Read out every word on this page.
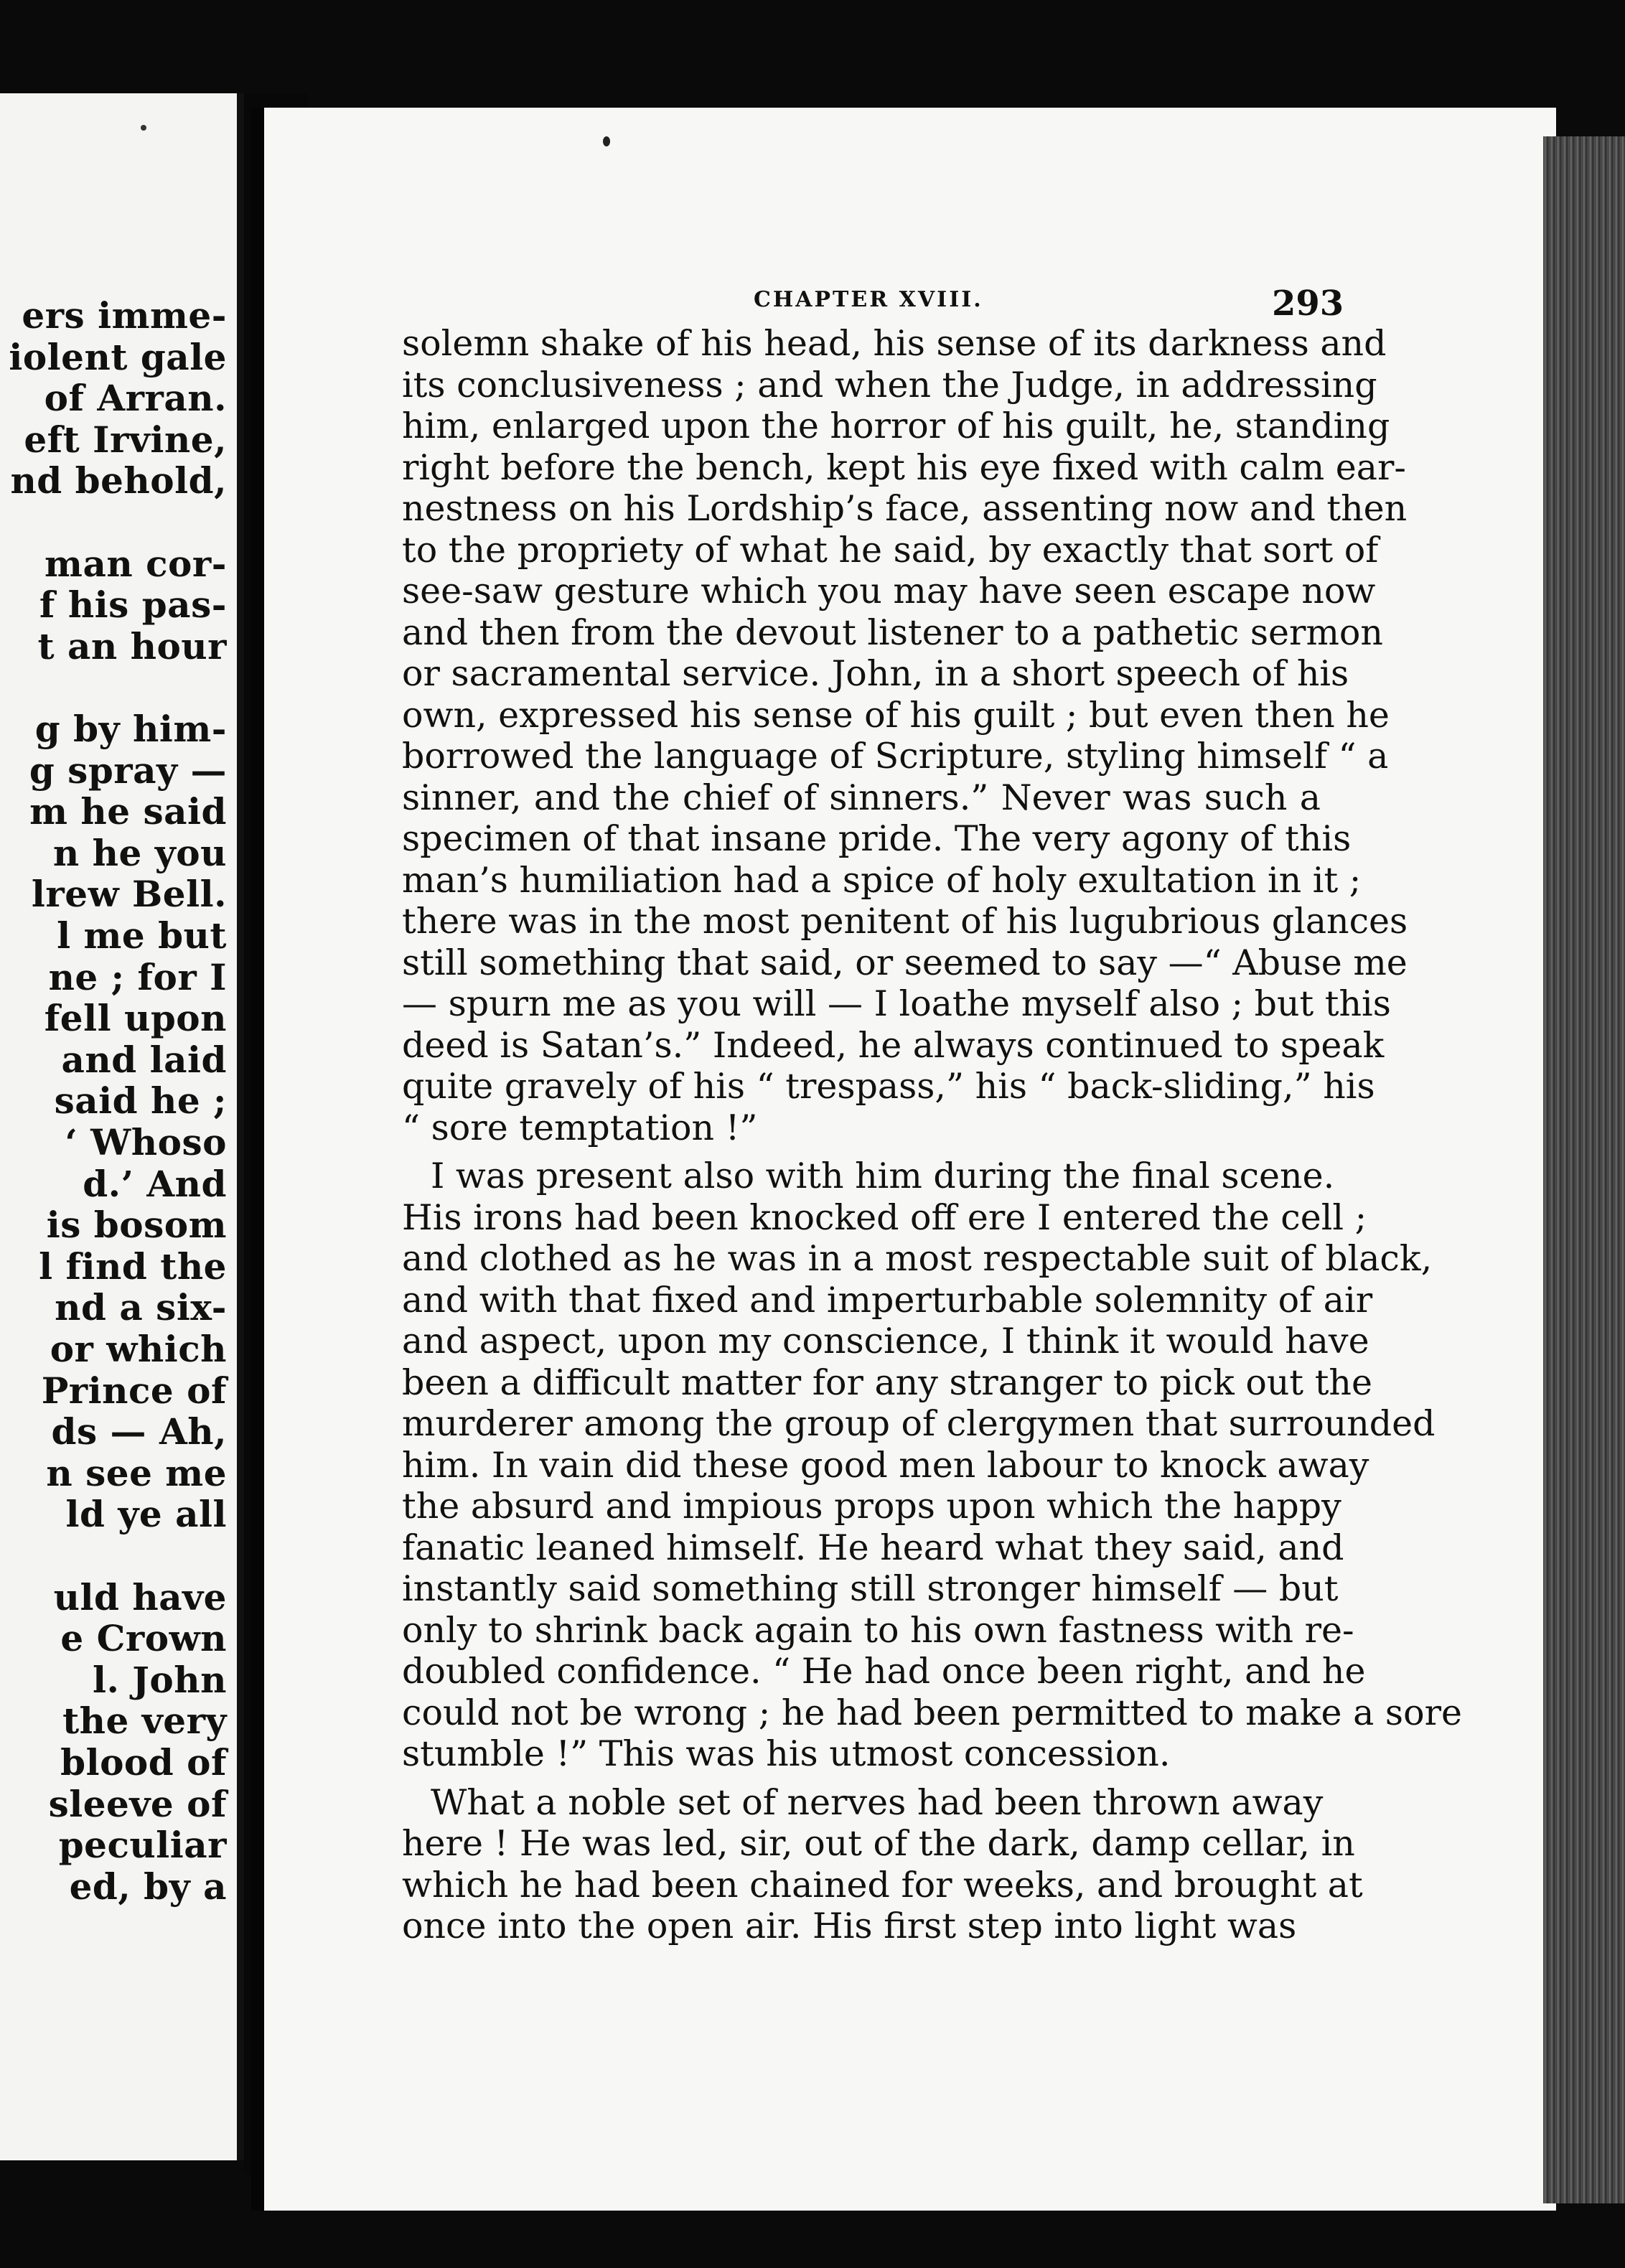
ers imme-
iolent gale
of Arran.
eft Irvine,
nd behold,
man cor-
f his pas-
t an hour
g by him-
g spray —
m he said
n he you
lrew Bell.
l me but
ne ; for I
fell upon
and laid
said he ;
‘ Whoso
d.’ And
is bosom
l find the
nd a six-
or which
Prince of
ds — Ah,
n see me
ld ye all
uld have
e Crown
l. John
the very
blood of
sleeve of
peculiar
ed, by a
CHAPTER XVIII.	293
solemn shake of his head, his sense of its darkness and
its conclusiveness ; and when the Judge, in addressing
him, enlarged upon the horror of his guilt, he, standing
right before the bench, kept his eye fixed with calm ear-
nestness on his Lordship’s face, assenting now and then
to the propriety of what he said, by exactly that sort of
see-saw gesture which you may have seen escape now
and then from the devout listener to a pathetic sermon
or sacramental service. John, in a short speech of his
own, expressed his sense of his guilt ; but even then he
borrowed the language of Scripture, styling himself “ a
sinner, and the chief of sinners.” Never was such a
specimen of that insane pride. The very agony of this
man’s humiliation had a spice of holy exultation in it ;
there was in the most penitent of his lugubrious glances
still something that said, or seemed to say —“ Abuse me
— spurn me as you will — I loathe myself also ; but this
deed is Satan’s.” Indeed, he always continued to speak
quite gravely of his “ trespass,” his “ back-sliding,” his
“ sore temptation !”
I was present also with him during the final scene.
His irons had been knocked off ere I entered the cell ;
and clothed as he was in a most respectable suit of black,
and with that fixed and imperturbable solemnity of air
and aspect, upon my conscience, I think it would have
been a difficult matter for any stranger to pick out the
murderer among the group of clergymen that surrounded
him. In vain did these good men labour to knock away
the absurd and impious props upon which the happy
fanatic leaned himself. He heard what they said, and
instantly said something still stronger himself — but
only to shrink back again to his own fastness with re-
doubled confidence. “ He had once been right, and he
could not be wrong ; he had been permitted to make a sore
stumble !” This was his utmost concession.
What a noble set of nerves had been thrown away
here ! He was led, sir, out of the dark, damp cellar, in
which he had been chained for weeks, and brought at
once into the open air. His first step into light was
